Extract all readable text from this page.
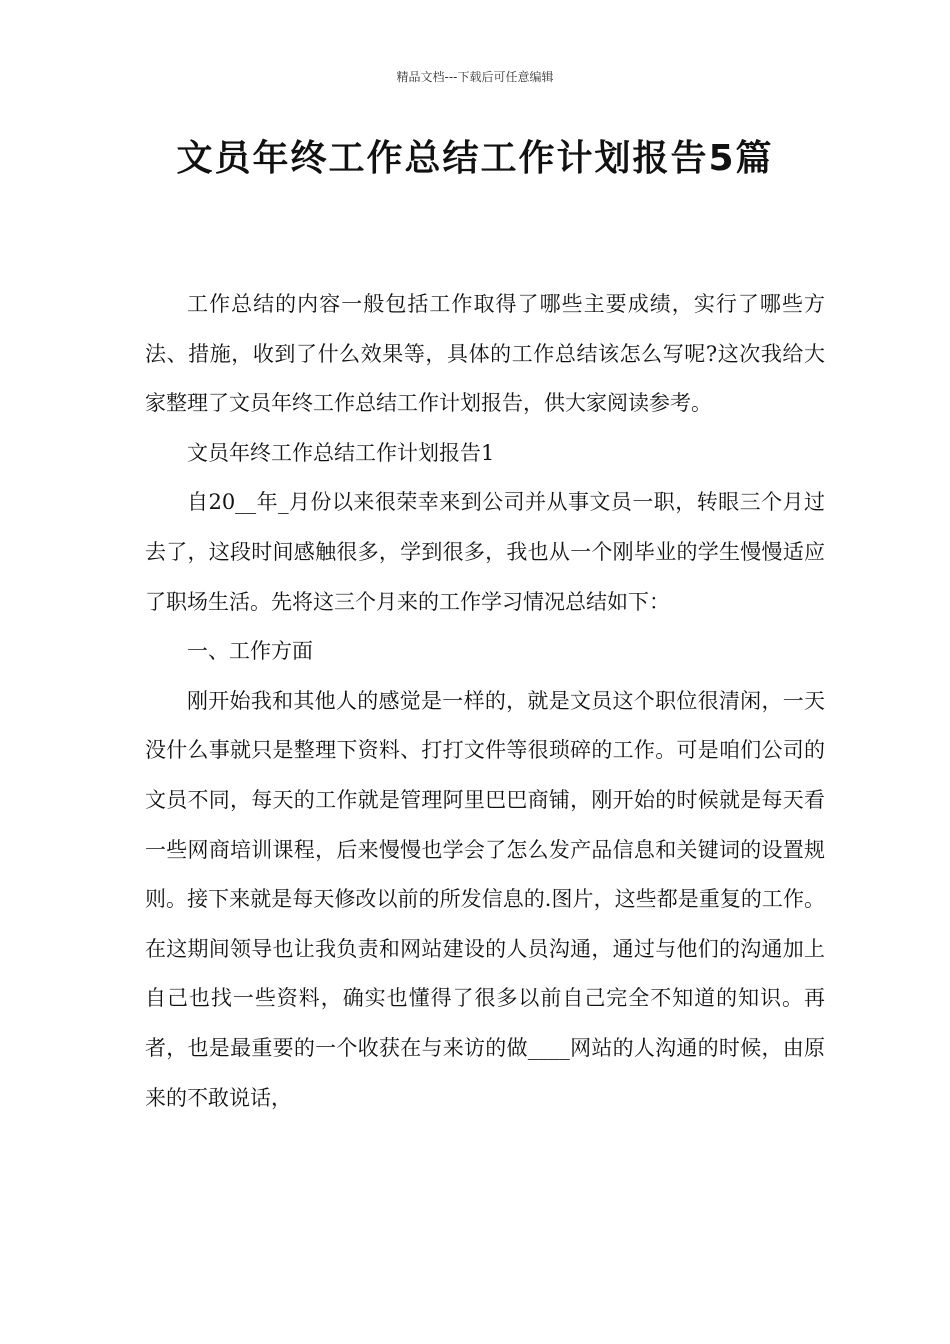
精品文档---下载后可任意编辑
文员年终工作总结工作计划报告5篇

工作总结的内容一般包括工作取得了哪些主要成绩，实行了哪些方法、措施，收到了什么效果等，具体的工作总结该怎么写呢?这次我给大家整理了文员年终工作总结工作计划报告，供大家阅读参考。

文员年终工作总结工作计划报告1

自20__年_月份以来很荣幸来到公司并从事文员一职，转眼三个月过去了，这段时间感触很多，学到很多，我也从一个刚毕业的学生慢慢适应了职场生活。先将这三个月来的工作学习情况总结如下：

一、工作方面

刚开始我和其他人的感觉是一样的，就是文员这个职位很清闲，一天没什么事就只是整理下资料、打打文件等很琐碎的工作。可是咱们公司的文员不同，每天的工作就是管理阿里巴巴商铺，刚开始的时候就是每天看一些网商培训课程，后来慢慢也学会了怎么发产品信息和关键词的设置规则。接下来就是每天修改以前的所发信息的.图片，这些都是重复的工作。在这期间领导也让我负责和网站建设的人员沟通，通过与他们的沟通加上自己也找一些资料，确实也懂得了很多以前自己完全不知道的知识。再者，也是最重要的一个收获在与来访的做____网站的人沟通的时候，由原来的不敢说话，
